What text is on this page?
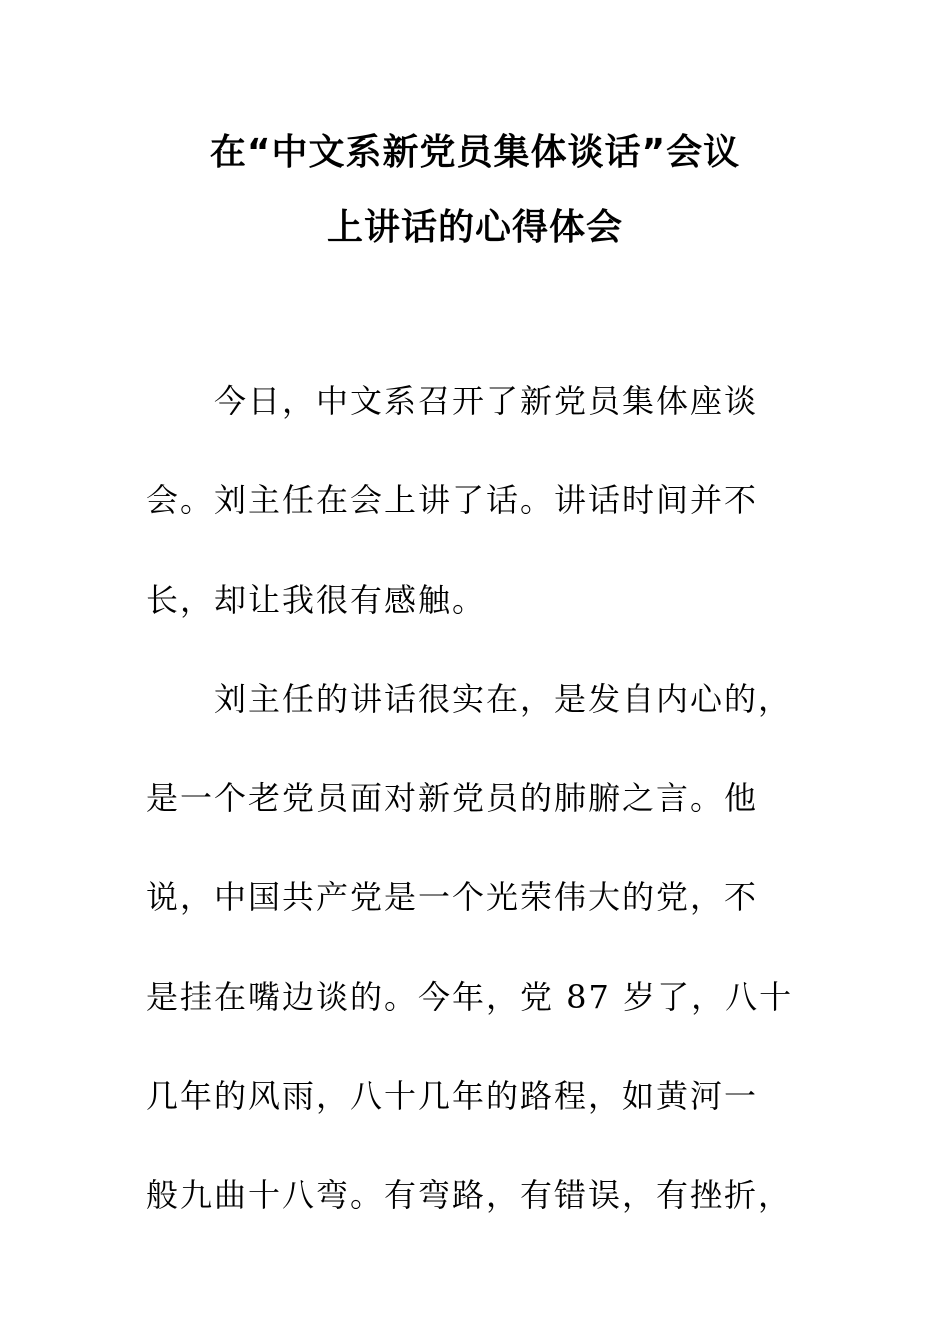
在“中文系新党员集体谈话”会议
上讲话的心得体会
今日，中文系召开了新党员集体座谈
会。刘主任在会上讲了话。讲话时间并不
长，却让我很有感触。
刘主任的讲话很实在，是发自内心的，
是一个老党员面对新党员的肺腑之言。他
说，中国共产党是一个光荣伟大的党，不
是挂在嘴边谈的。今年，党 87 岁了，八十
几年的风雨，八十几年的路程，如黄河一
般九曲十八弯。有弯路，有错误，有挫折，
